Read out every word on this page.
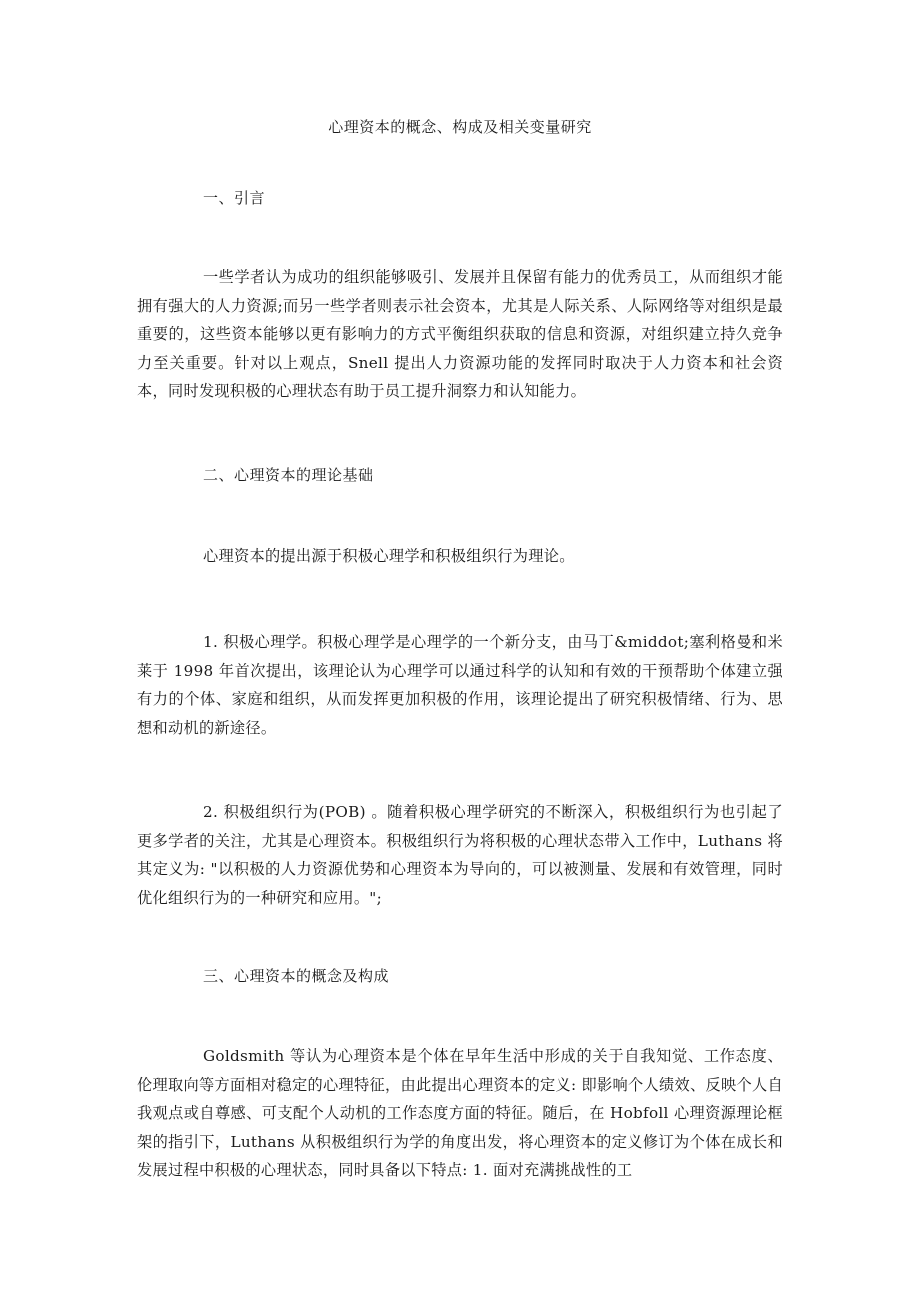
心理资本的概念、构成及相关变量研究
一、引言
一些学者认为成功的组织能够吸引、发展并且保留有能力的优秀员工，从而组织才能拥有强大的人力资源;而另一些学者则表示社会资本，尤其是人际关系、人际网络等对组织是最重要的，这些资本能够以更有影响力的方式平衡组织获取的信息和资源，对组织建立持久竞争力至关重要。针对以上观点，Snell 提出人力资源功能的发挥同时取决于人力资本和社会资本，同时发现积极的心理状态有助于员工提升洞察力和认知能力。
二、心理资本的理论基础
心理资本的提出源于积极心理学和积极组织行为理论。
1. 积极心理学。积极心理学是心理学的一个新分支，由马丁&middot;塞利格曼和米莱于 1998 年首次提出，该理论认为心理学可以通过科学的认知和有效的干预帮助个体建立强有力的个体、家庭和组织，从而发挥更加积极的作用，该理论提出了研究积极情绪、行为、思想和动机的新途径。
2. 积极组织行为(POB) 。随着积极心理学研究的不断深入，积极组织行为也引起了更多学者的关注，尤其是心理资本。积极组织行为将积极的心理状态带入工作中，Luthans 将其定义为: "以积极的人力资源优势和心理资本为导向的，可以被测量、发展和有效管理，同时优化组织行为的一种研究和应用。";
三、心理资本的概念及构成
Goldsmith 等认为心理资本是个体在早年生活中形成的关于自我知觉、工作态度、伦理取向等方面相对稳定的心理特征，由此提出心理资本的定义: 即影响个人绩效、反映个人自我观点或自尊感、可支配个人动机的工作态度方面的特征。随后，在 Hobfoll 心理资源理论框架的指引下，Luthans 从积极组织行为学的角度出发，将心理资本的定义修订为个体在成长和发展过程中积极的心理状态，同时具备以下特点: 1. 面对充满挑战性的工
